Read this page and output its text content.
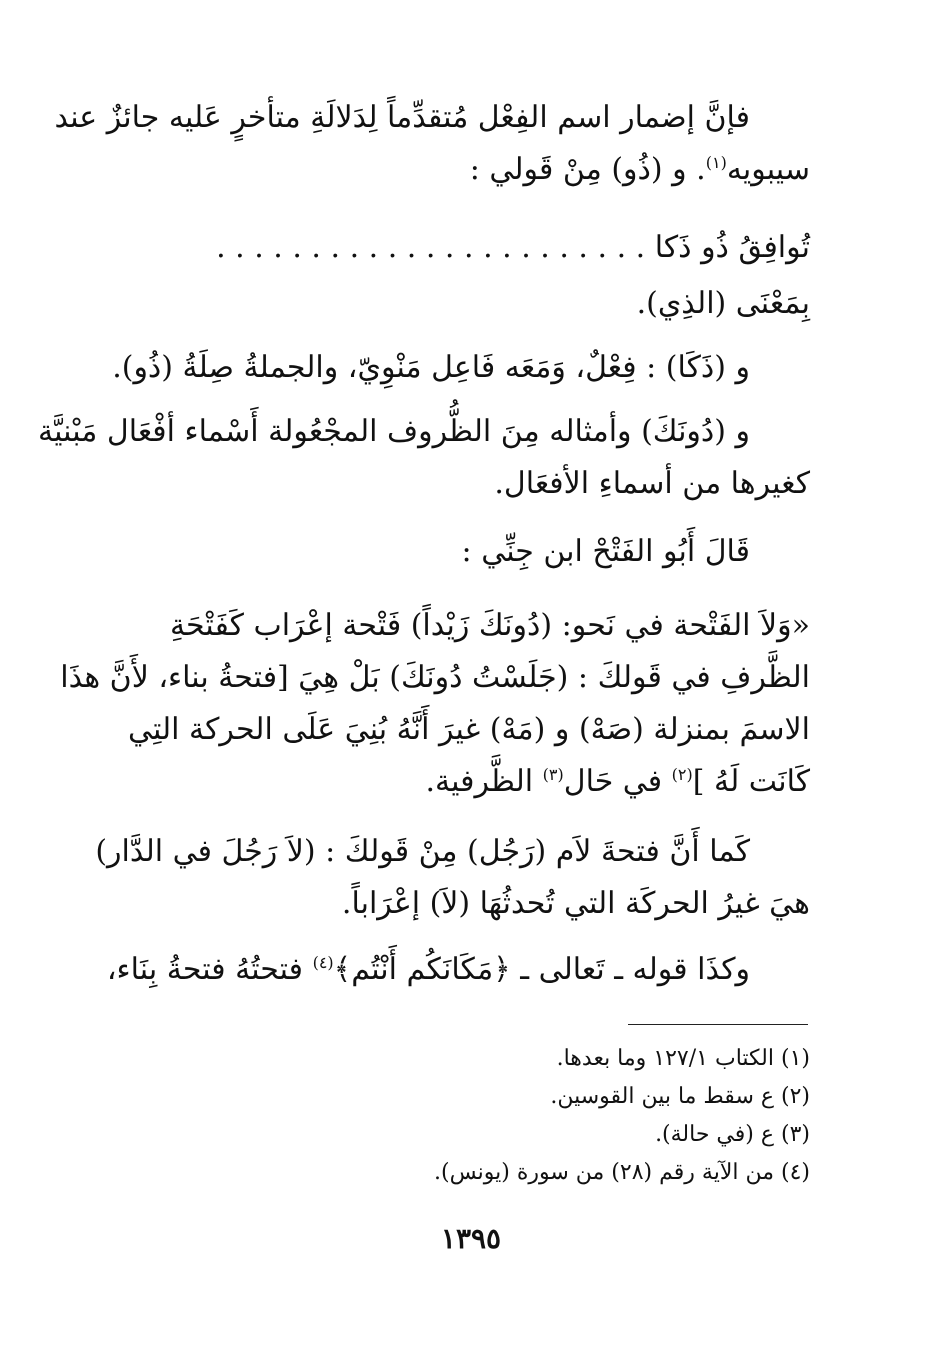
فإنَّ إضمار اسم الفِعْل مُتقدِّماً لِدَلالَةِ متأخرٍ عَليه جائزٌ عند
سيبويه$^{(١)}$. و (ذُو) مِنْ قَولي :
تُوافِقُ ذُو ذَكا . . . . . . . . . . . . . . . . . . . . . . .
بِمَعْنَى (الذِي).
و (ذَكَا) : فِعْلٌ، وَمَعَه فَاعِل مَنْوِيّ، والجملةُ صِلَةُ (ذُو).
و (دُونَكَ) وأمثاله مِنَ الظُّروف المجْعُولة أَسْماء أفْعَال مَبْنيَّة
كغيرها من أسماءِ الأفعَال.
قَالَ أَبُو الفَتْحْ ابن جِنِّي :
«وَلاَ الفَتْحة في نَحو: (دُونَكَ زَيْداً) فَتْحة إعْرَاب كَفَتْحَةِ
الظَّرفِ في قَولكَ : (جَلَسْتُ دُونَكَ) بَلْ هِيَ [فتحةُ بناء، لأَنَّ هذَا
الاسمَ بمنزلة (صَهْ) و (مَهْ) غيرَ أَنَّهُ بُنِيَ عَلَى الحركة التِي
كَانَت لَهُ ]$^{(٢)}$ في حَال$^{(٣)}$ الظَّرفية.
كَما أَنَّ فتحةَ لاَم (رَجُل) مِنْ قَولكَ : (لاَ رَجُلَ في الدَّار)
هيَ غيرُ الحركَة التي تُحدثُهَا (لاَ) إعْرَاباً.
وكذَا قوله ـ تَعالى ـ ﴿مَكَانَكُم أَنْتُم﴾$^{(٤)}$ فتحتُهُ فتحةُ بِنَاء،
(١) الكتاب ١٢٧/١ وما بعدها.
(٢) ع سقط ما بين القوسين.
(٣) ع (في حالة).
(٤) من الآية رقم (٢٨) من سورة (يونس).
١٣٩٥
